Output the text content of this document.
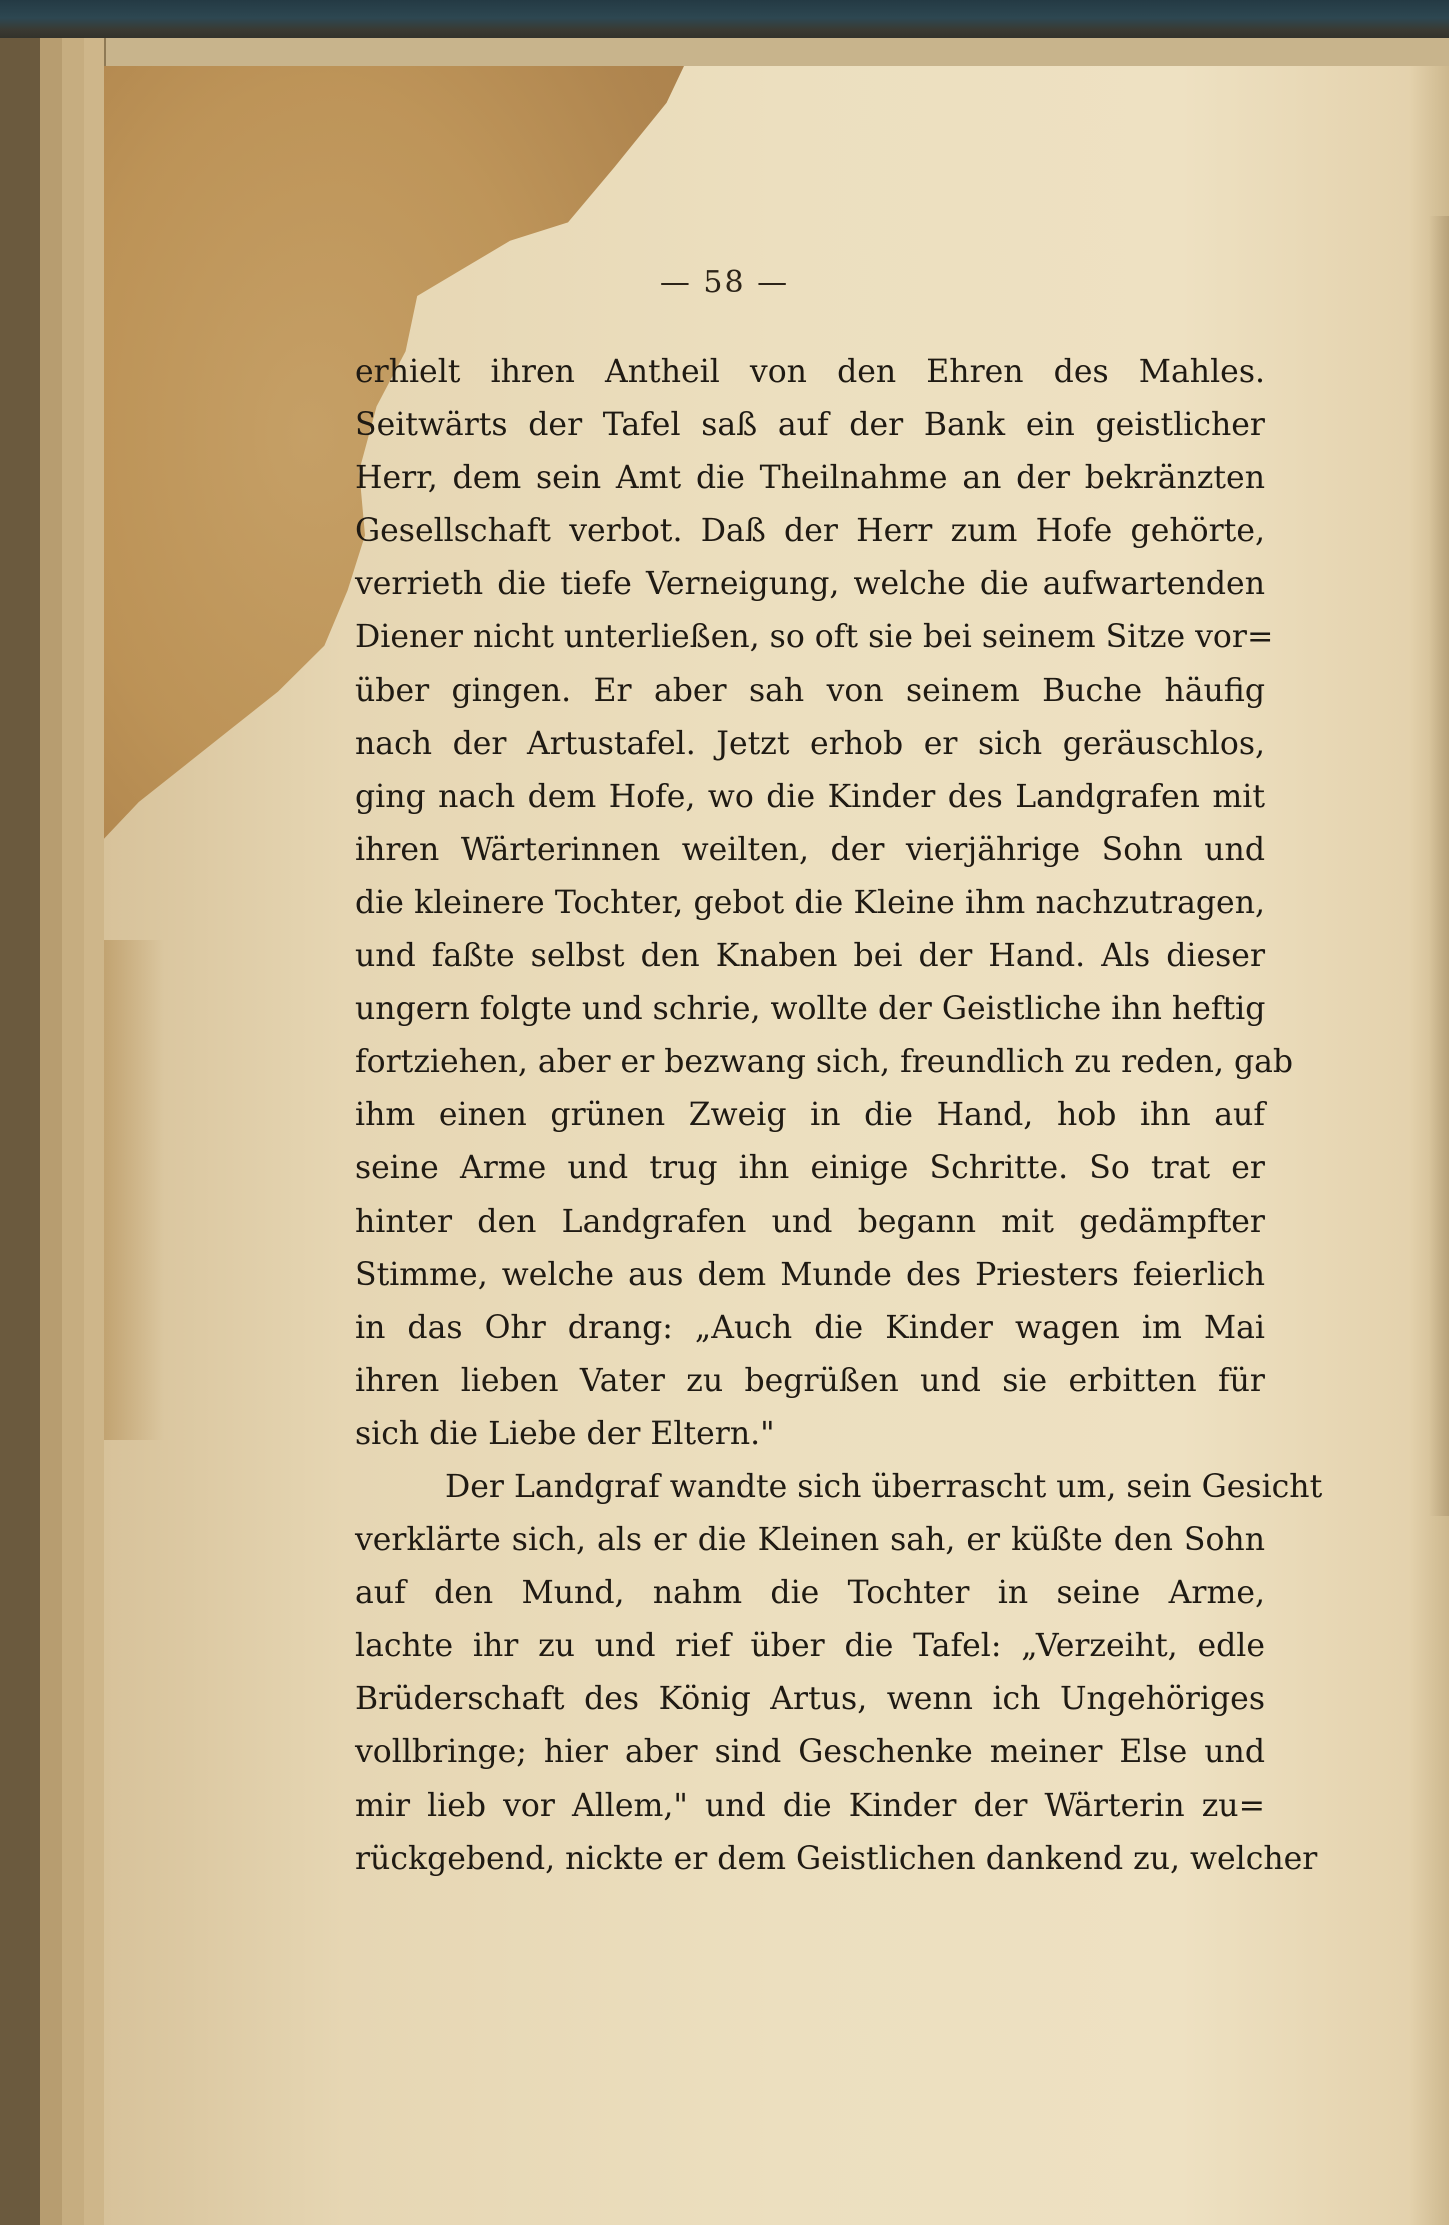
— 58 —
erhielt ihren Antheil von den Ehren des Mahles.
Seitwärts der Tafel saß auf der Bank ein geistlicher
Herr, dem sein Amt die Theilnahme an der bekränzten
Gesellschaft verbot. Daß der Herr zum Hofe gehörte,
verrieth die tiefe Verneigung, welche die aufwartenden
Diener nicht unterließen, so oft sie bei seinem Sitze vor=
über gingen. Er aber sah von seinem Buche häufig
nach der Artustafel. Jetzt erhob er sich geräuschlos,
ging nach dem Hofe, wo die Kinder des Landgrafen mit
ihren Wärterinnen weilten, der vierjährige Sohn und
die kleinere Tochter, gebot die Kleine ihm nachzutragen,
und faßte selbst den Knaben bei der Hand. Als dieser
ungern folgte und schrie, wollte der Geistliche ihn heftig
fortziehen, aber er bezwang sich, freundlich zu reden, gab
ihm einen grünen Zweig in die Hand, hob ihn auf
seine Arme und trug ihn einige Schritte. So trat er
hinter den Landgrafen und begann mit gedämpfter
Stimme, welche aus dem Munde des Priesters feierlich
in das Ohr drang: „Auch die Kinder wagen im Mai
ihren lieben Vater zu begrüßen und sie erbitten für
sich die Liebe der Eltern."
Der Landgraf wandte sich überrascht um, sein Gesicht
verklärte sich, als er die Kleinen sah, er küßte den Sohn
auf den Mund, nahm die Tochter in seine Arme,
lachte ihr zu und rief über die Tafel: „Verzeiht, edle
Brüderschaft des König Artus, wenn ich Ungehöriges
vollbringe; hier aber sind Geschenke meiner Else und
mir lieb vor Allem," und die Kinder der Wärterin zu=
rückgebend, nickte er dem Geistlichen dankend zu, welcher
